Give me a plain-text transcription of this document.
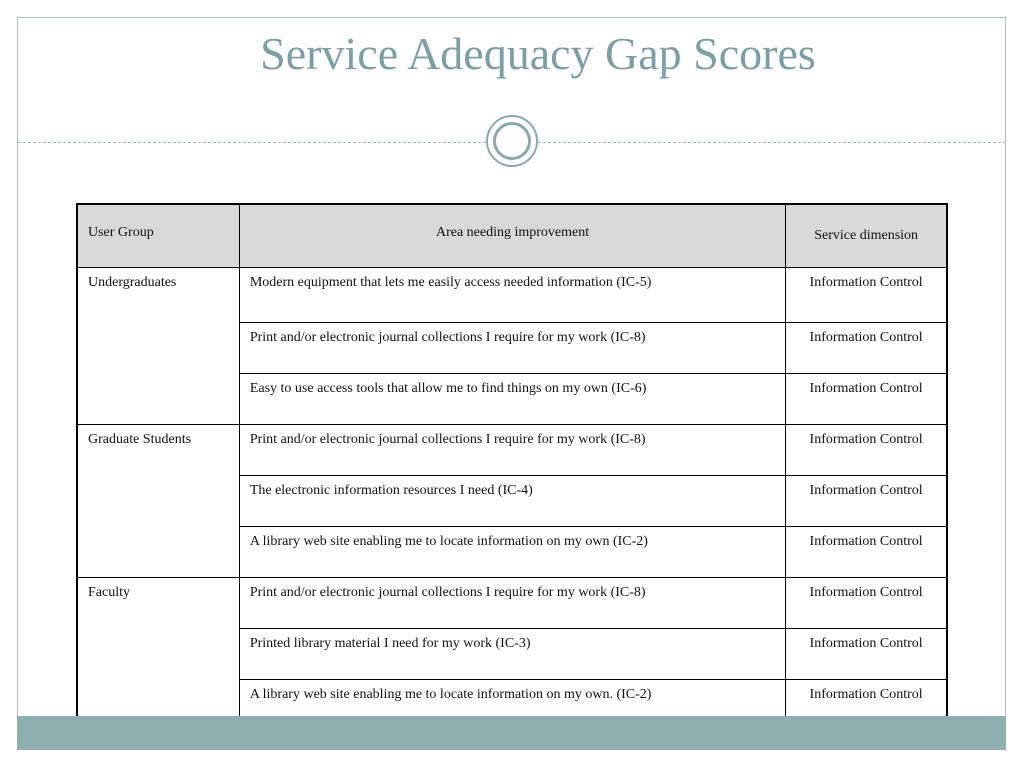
Service Adequacy Gap Scores
User Group	Area needing improvement	Service dimension

Undergraduates	Modern equipment that lets me easily access needed information (IC-5)	Information Control
	Print and/or electronic journal collections I require for my work (IC-8)	Information Control
	Easy to use access tools that allow me to find things on my own (IC-6)	Information Control
Graduate Students	Print and/or electronic journal collections I require for my work (IC-8)	Information Control
	The electronic information resources I need (IC-4)	Information Control
	A library web site enabling me to locate information on my own (IC-2)	Information Control
Faculty	Print and/or electronic journal collections I require for my work (IC-8)	Information Control
	Printed library material I need for my work (IC-3)	Information Control
	A library web site enabling me to locate information on my own. (IC-2)	Information Control
